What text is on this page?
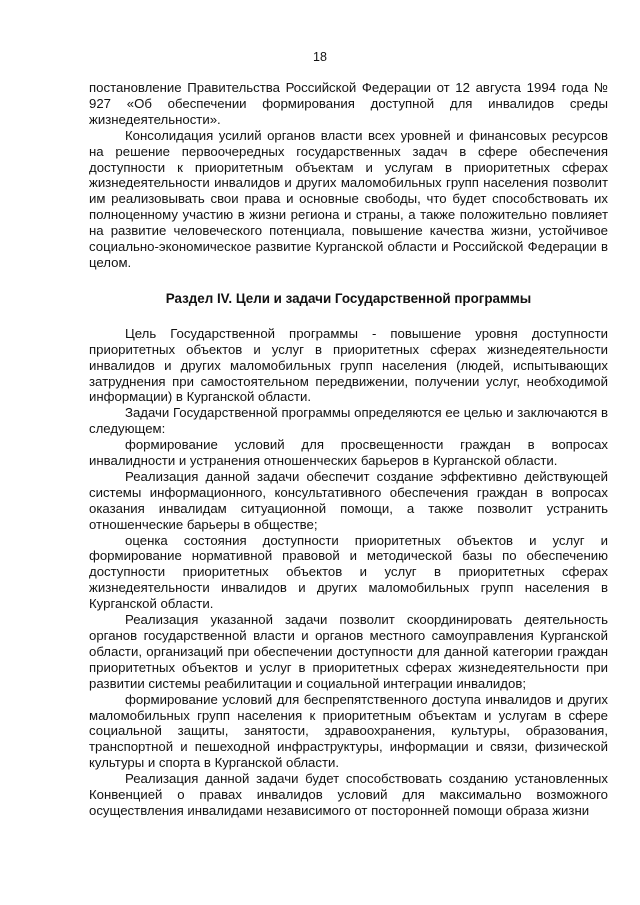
18

постановление Правительства Российской Федерации от 12 августа 1994 года № 927 «Об обеспечении формирования доступной для инвалидов среды жизнедеятельности».

Консолидация усилий органов власти всех уровней и финансовых ресурсов на решение первоочередных государственных задач в сфере обеспечения доступности к приоритетным объектам и услугам в приоритетных сферах жизнедеятельности инвалидов и других маломобильных групп населения позволит им реализовывать свои права и основные свободы, что будет способствовать их полноценному участию в жизни региона и страны, а также положительно повлияет на развитие человеческого потенциала, повышение качества жизни, устойчивое социально-экономическое развитие Курганской области и Российской Федерации в целом.

Раздел IV. Цели и задачи Государственной программы

Цель Государственной программы - повышение уровня доступности приоритетных объектов и услуг в приоритетных сферах жизнедеятельности инвалидов и других маломобильных групп населения (людей, испытывающих затруднения при самостоятельном передвижении, получении услуг, необходимой информации) в Курганской области.

Задачи Государственной программы определяются ее целью и заключаются в следующем:

формирование условий для просвещенности граждан в вопросах инвалидности и устранения отношенческих барьеров в Курганской области.

Реализация данной задачи обеспечит создание эффективно действующей системы информационного, консультативного обеспечения граждан в вопросах оказания инвалидам ситуационной помощи, а также позволит устранить отношенческие барьеры в обществе;

оценка состояния доступности приоритетных объектов и услуг и формирование нормативной правовой и методической базы по обеспечению доступности приоритетных объектов и услуг в приоритетных сферах жизнедеятельности инвалидов и других маломобильных групп населения в Курганской области.

Реализация указанной задачи позволит скоординировать деятельность органов государственной власти и органов местного самоуправления Курганской области, организаций при обеспечении доступности для данной категории граждан приоритетных объектов и услуг в приоритетных сферах жизнедеятельности при развитии системы реабилитации и социальной интеграции инвалидов;

формирование условий для беспрепятственного доступа инвалидов и других маломобильных групп населения к приоритетным объектам и услугам в сфере социальной защиты, занятости, здравоохранения, культуры, образования, транспортной и пешеходной инфраструктуры, информации и связи, физической культуры и спорта в Курганской области.

Реализация данной задачи будет способствовать созданию установленных Конвенцией о правах инвалидов условий для максимально возможного осуществления инвалидами независимого от посторонней помощи образа жизни
